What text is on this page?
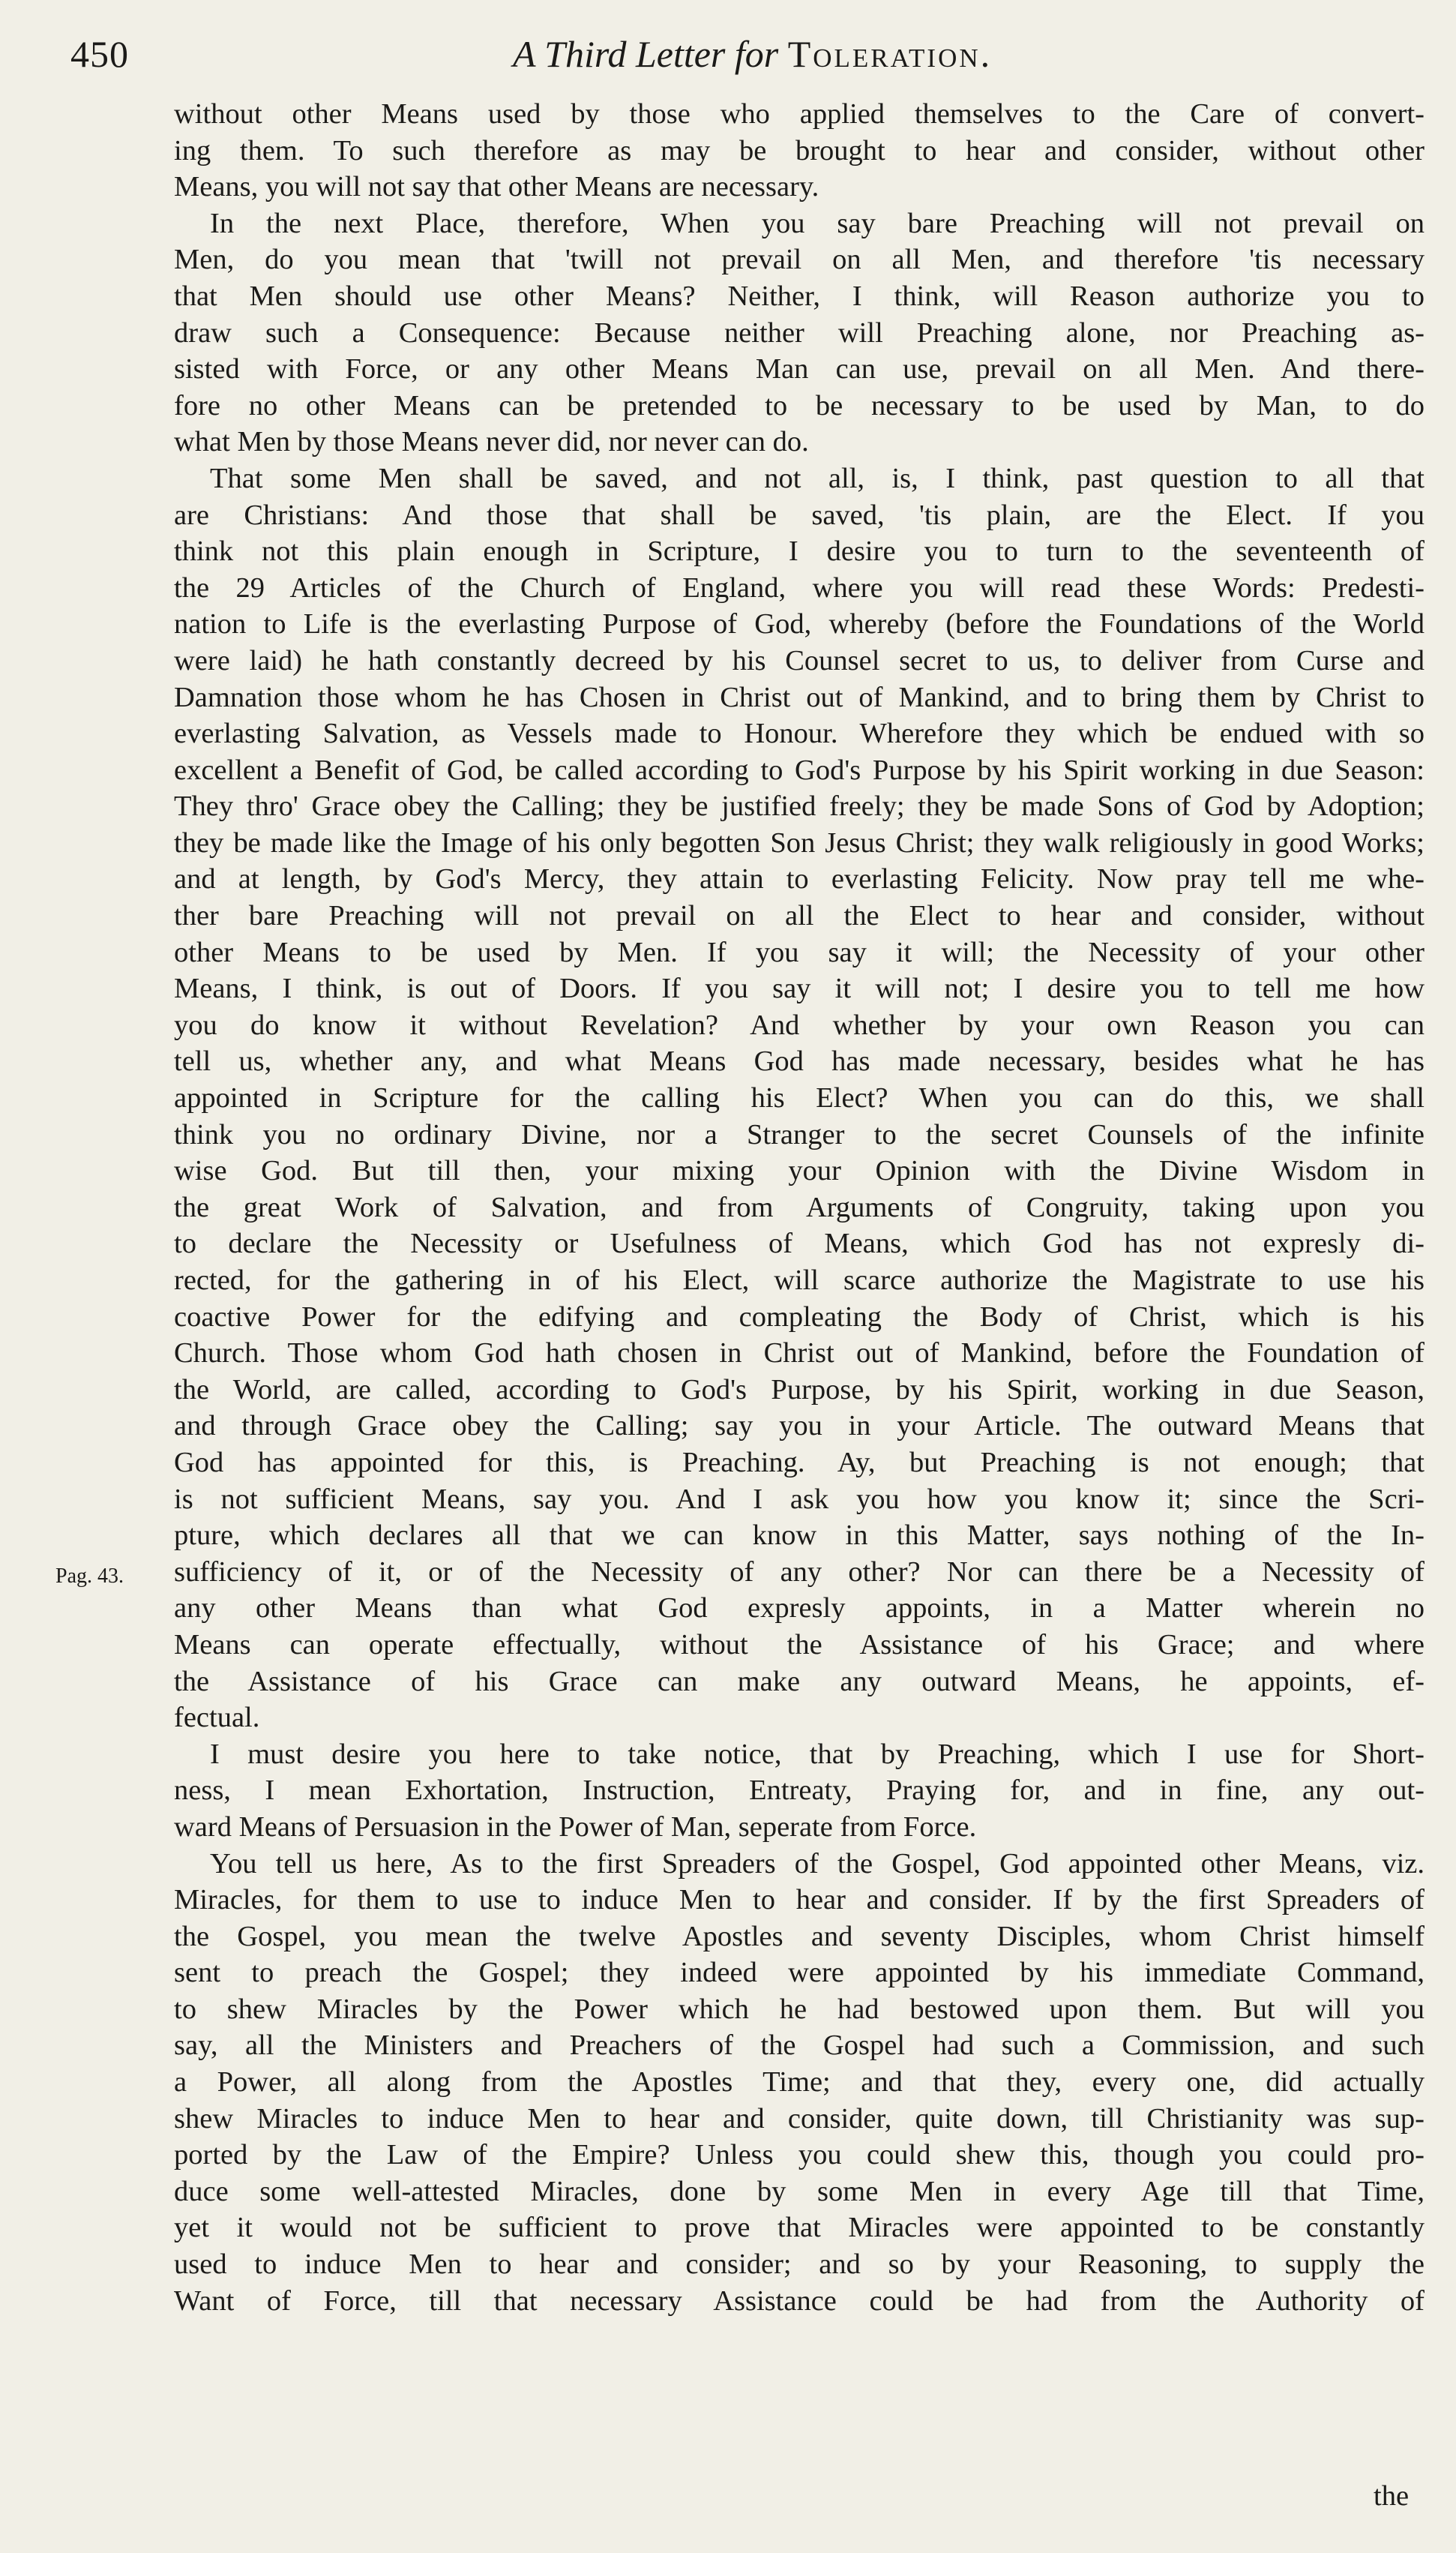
450	A Third Letter for Toleration.
Pag. 43.
without other Means used by those who applied themselves to the Care of convert-
ing them. To such therefore as may be brought to hear and consider, without other
Means, you will not say that other Means are necessary.
In the next Place, therefore, When you say bare Preaching will not prevail on
Men, do you mean that 'twill not prevail on all Men, and therefore 'tis necessary
that Men should use other Means? Neither, I think, will Reason authorize you to
draw such a Consequence: Because neither will Preaching alone, nor Preaching as-
sisted with Force, or any other Means Man can use, prevail on all Men. And there-
fore no other Means can be pretended to be necessary to be used by Man, to do
what Men by those Means never did, nor never can do.
That some Men shall be saved, and not all, is, I think, past question to all that
are Christians: And those that shall be saved, 'tis plain, are the Elect. If you
think not this plain enough in Scripture, I desire you to turn to the seventeenth of
the 29 Articles of the Church of England, where you will read these Words: Predesti-
nation to Life is the everlasting Purpose of God, whereby (before the Foundations of the World
were laid) he hath constantly decreed by his Counsel secret to us, to deliver from Curse and
Damnation those whom he has Chosen in Christ out of Mankind, and to bring them by Christ to
everlasting Salvation, as Vessels made to Honour. Wherefore they which be endued with so
excellent a Benefit of God, be called according to God's Purpose by his Spirit working in due Season:
They thro' Grace obey the Calling; they be justified freely; they be made Sons of God by Adoption;
they be made like the Image of his only begotten Son Jesus Christ; they walk religiously in good Works;
and at length, by God's Mercy, they attain to everlasting Felicity. Now pray tell me whe-
ther bare Preaching will not prevail on all the Elect to hear and consider, without
other Means to be used by Men. If you say it will; the Necessity of your other
Means, I think, is out of Doors. If you say it will not; I desire you to tell me how
you do know it without Revelation? And whether by your own Reason you can
tell us, whether any, and what Means God has made necessary, besides what he has
appointed in Scripture for the calling his Elect? When you can do this, we shall
think you no ordinary Divine, nor a Stranger to the secret Counsels of the infinite
wise God. But till then, your mixing your Opinion with the Divine Wisdom in
the great Work of Salvation, and from Arguments of Congruity, taking upon you
to declare the Necessity or Usefulness of Means, which God has not expresly di-
rected, for the gathering in of his Elect, will scarce authorize the Magistrate to use his
coactive Power for the edifying and compleating the Body of Christ, which is his
Church. Those whom God hath chosen in Christ out of Mankind, before the Foundation of
the World, are called, according to God's Purpose, by his Spirit, working in due Season,
and through Grace obey the Calling; say you in your Article. The outward Means that
God has appointed for this, is Preaching. Ay, but Preaching is not enough; that
is not sufficient Means, say you. And I ask you how you know it; since the Scri-
pture, which declares all that we can know in this Matter, says nothing of the In-
sufficiency of it, or of the Necessity of any other? Nor can there be a Necessity of
any other Means than what God expresly appoints, in a Matter wherein no
Means can operate effectually, without the Assistance of his Grace; and where
the Assistance of his Grace can make any outward Means, he appoints, ef-
fectual.
I must desire you here to take notice, that by Preaching, which I use for Short-
ness, I mean Exhortation, Instruction, Entreaty, Praying for, and in fine, any out-
ward Means of Persuasion in the Power of Man, seperate from Force.
You tell us here, As to the first Spreaders of the Gospel, God appointed other Means, viz.
Miracles, for them to use to induce Men to hear and consider. If by the first Spreaders of
the Gospel, you mean the twelve Apostles and seventy Disciples, whom Christ himself
sent to preach the Gospel; they indeed were appointed by his immediate Command,
to shew Miracles by the Power which he had bestowed upon them. But will you
say, all the Ministers and Preachers of the Gospel had such a Commission, and such
a Power, all along from the Apostles Time; and that they, every one, did actually
shew Miracles to induce Men to hear and consider, quite down, till Christianity was sup-
ported by the Law of the Empire? Unless you could shew this, though you could pro-
duce some well-attested Miracles, done by some Men in every Age till that Time,
yet it would not be sufficient to prove that Miracles were appointed to be constantly
used to induce Men to hear and consider; and so by your Reasoning, to supply the
Want of Force, till that necessary Assistance could be had from the Authority of
the
